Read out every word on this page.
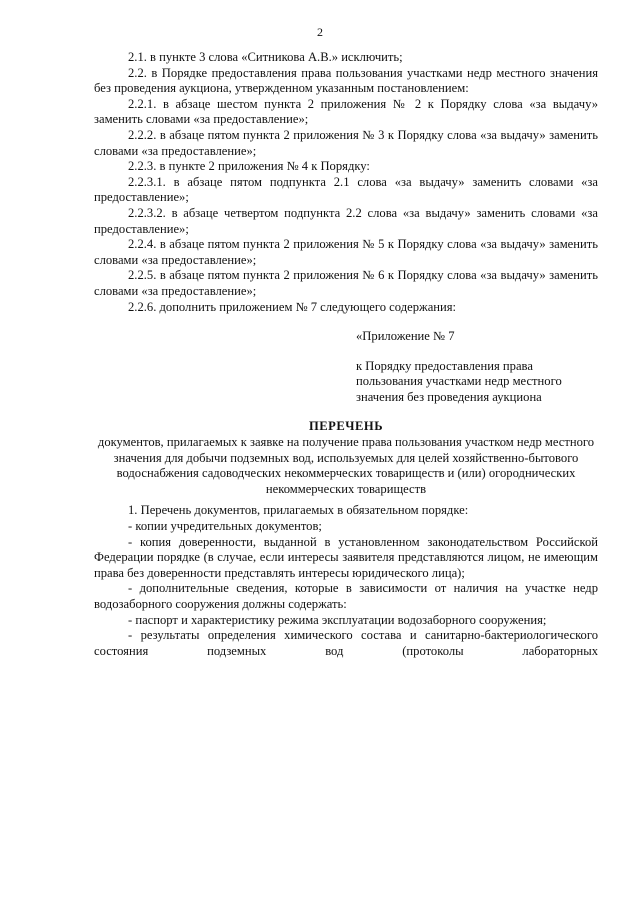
2
2.1. в пункте 3 слова «Ситникова А.В.» исключить;
2.2. в Порядке предоставления права пользования участками недр местного значения без проведения аукциона, утвержденном указанным постановлением:
2.2.1. в абзаце шестом пункта 2 приложения № 2 к Порядку слова «за выдачу» заменить словами «за предоставление»;
2.2.2. в абзаце пятом пункта 2 приложения № 3 к Порядку слова «за выдачу» заменить словами «за предоставление»;
2.2.3. в пункте 2 приложения № 4 к Порядку:
2.2.3.1. в абзаце пятом подпункта 2.1 слова «за выдачу» заменить словами «за предоставление»;
2.2.3.2. в абзаце четвертом подпункта 2.2 слова «за выдачу» заменить словами «за предоставление»;
2.2.4. в абзаце пятом пункта 2 приложения № 5 к Порядку слова «за выдачу» заменить словами «за предоставление»;
2.2.5. в абзаце пятом пункта 2 приложения № 6 к Порядку слова «за выдачу» заменить словами «за предоставление»;
2.2.6. дополнить приложением № 7 следующего содержания:
«Приложение № 7
к Порядку предоставления права пользования участками недр местного значения без проведения аукциона
ПЕРЕЧЕНЬ
документов, прилагаемых к заявке на получение права пользования участком недр местного значения для добычи подземных вод, используемых для целей хозяйственно-бытового водоснабжения садоводческих некоммерческих товариществ и (или) огороднических некоммерческих товариществ
1. Перечень документов, прилагаемых в обязательном порядке:
- копии учредительных документов;
- копия доверенности, выданной в установленном законодательством Российской Федерации порядке (в случае, если интересы заявителя представляются лицом, не имеющим права без доверенности представлять интересы юридического лица);
- дополнительные сведения, которые в зависимости от наличия на участке недр водозаборного сооружения должны содержать:
- паспорт и характеристику режима эксплуатации водозаборного сооружения;
- результаты определения химического состава и санитарно-бактериологического состояния подземных вод (протоколы лабораторных
